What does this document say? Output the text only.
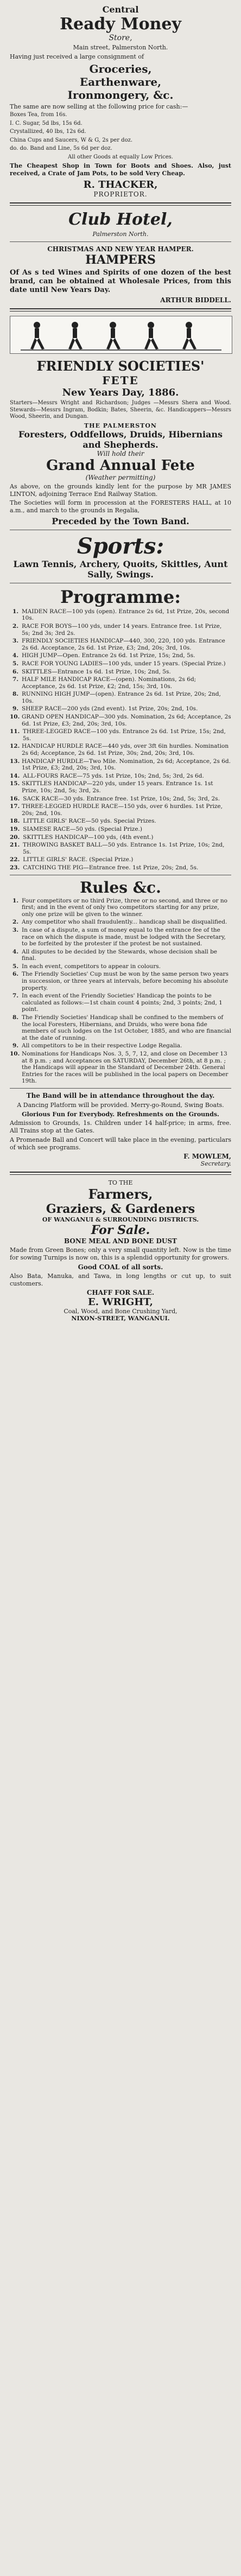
Central
Ready Money
Store,

Main street, Palmerston North.

Having just received a large consignment of

Groceries,
Earthenware,
Ironmongery, &c.

The same are now selling at the following price for cash:—

Boxes Tea, from 16s.

I. C. Sugar, 5d lbs, 15s 6d.

Crystallized, 40 lbs, 12s 6d.

China Cups and Saucers, W & G, 2s per doz.

do. do. Band and Line, 5s 6d per doz.

All other Goods at equally Low Prices.

The Cheapest Shop in Town for Boots and Shoes. Also, just received, a Crate of Jam Pots, to be sold Very Cheap.

R. THACKER,
PROPRIETOR.
Club Hotel,

Palmerston North.

CHRISTMAS AND NEW YEAR HAMPER.
HAMPERS

Of As s ted Wines and Spirits of one dozen of the best brand, can be obtained at Wholesale Prices, from this date until New Years Day.

ARTHUR BIDDELL.
FRIENDLY SOCIETIES'
FETE
New Years Day, 1886.

Starters—Messrs Wright and Richardson; Judges —Messrs Shera and Wood. Stewards—Messrs Ingram, Bodkin; Bates, Sheerin, &c. Handicappers—Messrs Wood, Sheerin, and Dungan.

THE PALMERSTON
Foresters, Oddfellows, Druids, Hibernians and Shepherds.
Will hold their
Grand Annual Fete
(Weather permitting)

As above, on the grounds kindly lent for the purpose by MR JAMES LINTON, adjoining Terrace End Railway Station.

The Societies will form in procession at the FORESTERS HALL, at 10 a.m., and march to the grounds in Regalia,

Preceded by the Town Band.
Sports:
Lawn Tennis, Archery, Quoits, Skittles, Aunt Sally, Swings.
Programme:
1. MAIDEN RACE—100 yds (open). Entrance 2s 6d, 1st Prize, 20s, second 10s.
2. RACE FOR BOYS—100 yds, under 14 years. Entrance free. 1st Prize, 5s; 2nd 3s; 3rd 2s.
3. FRIENDLY SOCIETIES HANDICAP—440, 300, 220, 100 yds. Entrance 2s 6d. Acceptance, 2s 6d. 1st Prize, £3; 2nd, 20s; 3rd, 10s.
4. HIGH JUMP—Open. Entrance 2s 6d. 1st Prize, 15s; 2nd, 5s.
5. RACE FOR YOUNG LADIES—100 yds, under 15 years. (Special Prize.)
6. SKITTLES—Entrance 1s 6d. 1st Prize, 10s; 2nd, 5s.
7. HALF MILE HANDICAP RACE—(open). Nominations, 2s 6d; Acceptance, 2s 6d. 1st Prize, £2; 2nd, 15s; 3rd, 10s.
8. RUNNING HIGH JUMP—(open). Entrance 2s 6d. 1st Prize, 20s; 2nd, 10s.
9. SHEEP RACE—200 yds (2nd event). 1st Prize, 20s; 2nd, 10s.
10. GRAND OPEN HANDICAP—300 yds. Nomination, 2s 6d; Acceptance, 2s 6d. 1st Prize, £3; 2nd, 20s; 3rd, 10s.
11. THREE-LEGGED RACE—100 yds. Entrance 2s 6d. 1st Prize, 15s; 2nd, 5s.
12. HANDICAP HURDLE RACE—440 yds, over 3ft 6in hurdles. Nomination 2s 6d; Acceptance, 2s 6d. 1st Prize, 30s; 2nd, 20s; 3rd, 10s.
13. HANDICAP HURDLE—Two Mile. Nomination, 2s 6d; Acceptance, 2s 6d. 1st Prize, £3; 2nd, 20s; 3rd, 10s.
14. ALL-FOURS RACE—75 yds. 1st Prize, 10s; 2nd, 5s; 3rd, 2s 6d.
15. SKITTLES HANDICAP—220 yds, under 15 years. Entrance 1s. 1st Prize, 10s; 2nd, 5s; 3rd, 2s.
16. SACK RACE—30 yds. Entrance free. 1st Prize, 10s; 2nd, 5s; 3rd, 2s.
17. THREE-LEGGED HURDLE RACE—150 yds, over 6 hurdles. 1st Prize, 20s; 2nd, 10s.
18. LITTLE GIRLS' RACE—50 yds. Special Prizes.
19. SIAMESE RACE—50 yds. (Special Prize.)
20. SKITTLES HANDICAP—100 yds, (4th event.)
21. THROWING BASKET BALL—50 yds. Entrance 1s. 1st Prize, 10s; 2nd, 5s.
22. LITTLE GIRLS' RACE. (Special Prize.)
23. CATCHING THE PIG—Entrance free. 1st Prize, 20s; 2nd, 5s.
Rules &c.
1. Four competitors or no third Prize, three or no second, and three or no first; and in the event of only two competitors starting for any prize, only one prize will be given to the winner.
2. Any competitor who shall fraudulently... handicap shall be disqualified.
3. In case of a dispute, a sum of money equal to the entrance fee of the race on which the dispute is made, must be lodged with the Secretary, to be forfeited by the protester if the protest be not sustained.
4. All disputes to be decided by the Stewards, whose decision shall be final.
5. In each event, competitors to appear in colours.
6. The Friendly Societies' Cup must be won by the same person two years in succession, or three years at intervals, before becoming his absolute property.
7. In each event of the Friendly Societies' Handicap the points to be calculated as follows:—1st chain count 4 points; 2nd, 3 points; 2nd, 1 point.
8. The Friendly Societies' Handicap shall be confined to the members of the local Foresters, Hibernians, and Druids, who were bona fide members of such lodges on the 1st October, 1885, and who are financial at the date of running.
9. All competitors to be in their respective Lodge Regalia.
10. Nominations for Handicaps Nos. 3, 5, 7, 12, and close on December 13 at 8 p.m. ; and Acceptances on SATURDAY, December 26th, at 8 p.m. ; the Handicaps will appear in the Standard of December 24th. General Entries for the races will be published in the local papers on December 19th.

The Band will be in attendance throughout the day.

A Dancing Platform will be provided. Merry-go-Round, Swing Boats.

Glorious Fun for Everybody. Refreshments on the Grounds.

Admission to Grounds, 1s. Children under 14 half-price; in arms, free. All Trains stop at the Gates.

A Promenade Ball and Concert will take place in the evening, particulars of which see programs.

F. MOWLEM,
Secretary.
TO THE
Farmers,
Graziers, & Gardeners
OF WANGANUI & SURROUNDING DISTRICTS.
For Sale.
BONE MEAL AND BONE DUST

Made from Green Bones; only a very small quantity left. Now is the time for sowing Turnips is now on, this is a splendid opportunity for growers.

Good COAL of all sorts.

Also Bata, Manuka, and Tawa, in long lengths or cut up, to suit customers.

CHAFF FOR SALE.
E. WRIGHT,
Coal, Wood, and Bone Crushing Yard,
NIXON-STREET, WANGANUI.
